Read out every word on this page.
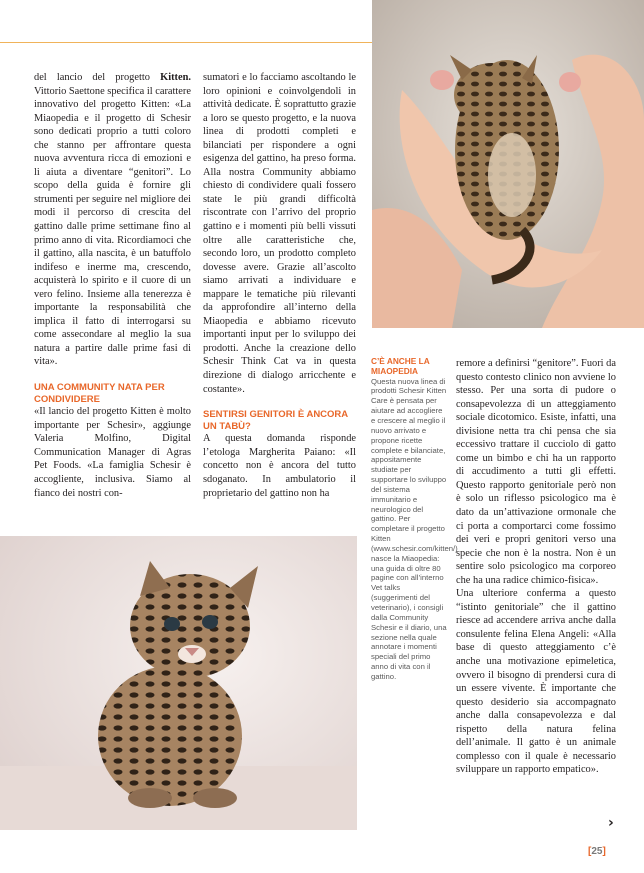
del lancio del progetto Kitten. Vittorio Saettone specifica il carattere innovativo del progetto Kitten: «La Miaopedia e il progetto di Schesir sono dedicati proprio a tutti coloro che stanno per affrontare questa nuova avventura ricca di emozioni e li aiuta a diventare “genitori”. Lo scopo della guida è fornire gli strumenti per seguire nel migliore dei modi il percorso di crescita del gattino dalle prime settimane fino al primo anno di vita. Ricordiamoci che il gattino, alla nascita, è un batuffolo indifeso e inerme ma, crescendo, acquisterà lo spirito e il cuore di un vero felino. Insieme alla tenerezza è importante la responsabilità che implica il fatto di interrogarsi su come assecondare al meglio la sua natura a partire dalle prime fasi di vita».

UNA COMMUNITY NATA PER CONDIVIDERE

«Il lancio del progetto Kitten è molto importante per Schesir», aggiunge Valeria Molfino, Digital Communication Manager di Agras Pet Foods. «La famiglia Schesir è accogliente, inclusiva. Siamo al fianco dei nostri con-

sumatori e lo facciamo ascoltando le loro opinioni e coinvolgendoli in attività dedicate. È soprattutto grazie a loro se questo progetto, e la nuova linea di prodotti completi e bilanciati per rispondere a ogni esigenza del gattino, ha preso forma. Alla nostra Community abbiamo chiesto di condividere quali fossero state le più grandi difficoltà riscontrate con l’arrivo del proprio gattino e i momenti più belli vissuti oltre alle caratteristiche che, secondo loro, un prodotto completo dovesse avere. Grazie all’ascolto siamo arrivati a individuare e mappare le tematiche più rilevanti da approfondire all’interno della Miaopedia e abbiamo ricevuto importanti input per lo sviluppo dei prodotti. Anche la creazione dello Schesir Think Cat va in questa direzione di dialogo arricchente e costante».

SENTIRSI GENITORI È ANCORA UN TABÙ?

A questa domanda risponde l’etologa Margherita Paiano: «Il concetto non è ancora del tutto sdoganato. In ambulatorio il proprietario del gattino non ha

C’È ANCHE LA MIAOPEDIA
Questa nuova linea di prodotti Schesir Kitten Care è pensata per aiutare ad accogliere e crescere al meglio il nuovo arrivato e propone ricette complete e bilanciate, appositamente studiate per supportare lo sviluppo del sistema immunitario e neurologico del gattino. Per completare il progetto Kitten (www.schesir.com/kitten/) nasce la Miaopedia: una guida di oltre 80 pagine con all’interno Vet talks (suggerimenti del veterinario), i consigli dalla Community Schesir e il diario, una sezione nella quale annotare i momenti speciali del primo anno di vita con il gattino.

remore a definirsi “genitore”. Fuori da questo contesto clinico non avviene lo stesso. Per una sorta di pudore o consapevolezza di un atteggiamento sociale dicotomico. Esiste, infatti, una divisione netta tra chi pensa che sia eccessivo trattare il cucciolo di gatto come un bimbo e chi ha un rapporto di accudimento a tutti gli effetti. Questo rapporto genitoriale però non è solo un riflesso psicologico ma è dato da un’attivazione ormonale che ci porta a comportarci come fossimo dei veri e propri genitori verso una specie che non è la nostra. Non è un sentire solo psicologico ma corporeo che ha una radice chimico-fisica».

Una ulteriore conferma a questo “istinto genitoriale” che il gattino riesce ad accendere arriva anche dalla consulente felina Elena Angeli: «Alla base di questo atteggiamento c’è anche una motivazione epimeletica, ovvero il bisogno di prendersi cura di un essere vivente. È importante che questo desiderio sia accompagnato anche dalla consapevolezza e dal rispetto della natura felina dell’animale. Il gatto è un animale complesso con il quale è necessario sviluppare un rapporto empatico».

›
[25]
